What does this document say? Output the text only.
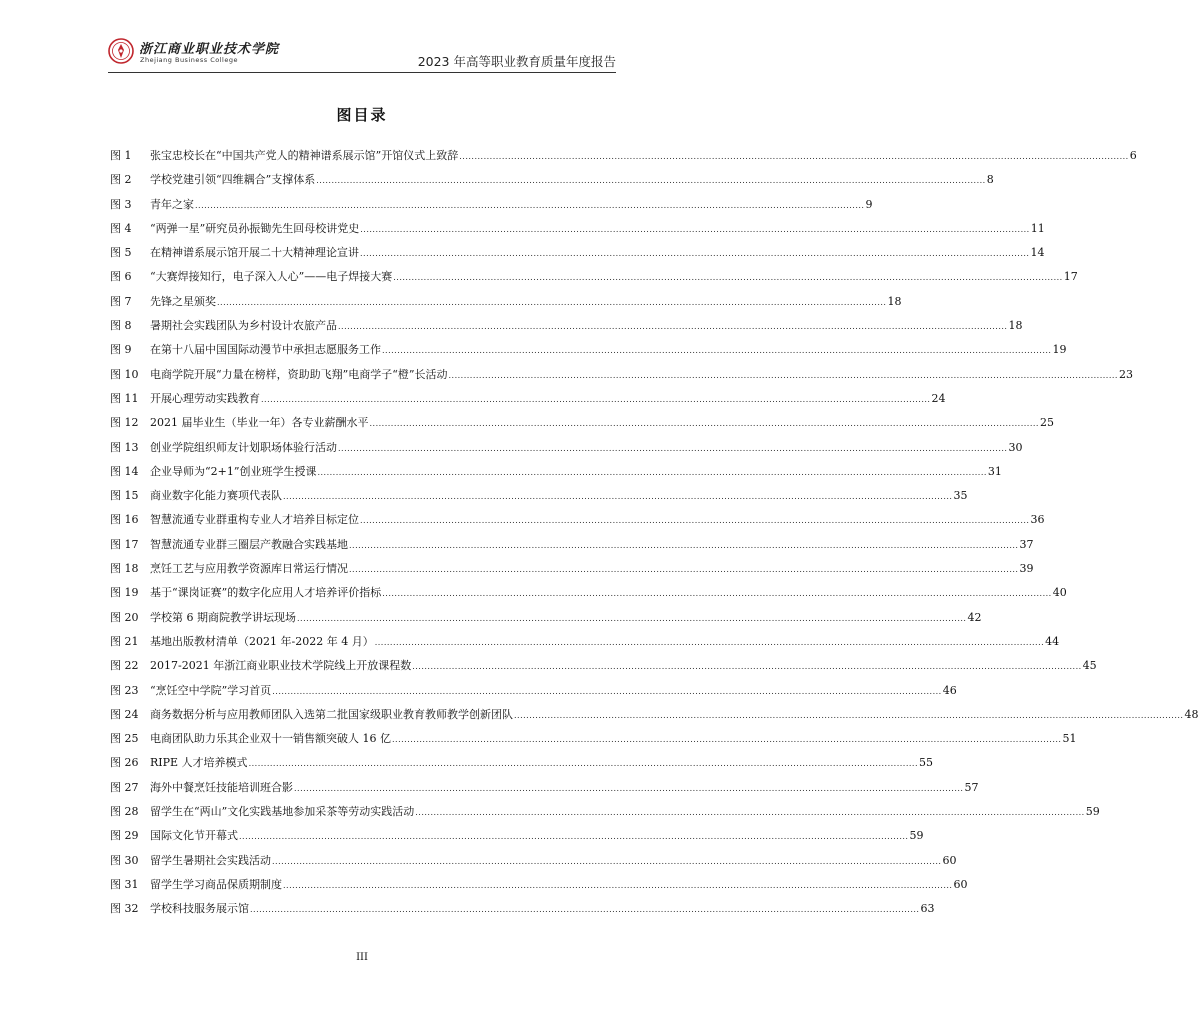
浙江商业职业技术学院
Zhejiang Business College	2023 年高等职业教育质量年度报告
图目录
图 1	张宝忠校长在“中国共产党人的精神谱系展示馆”开馆仪式上致辞 ............................................................................................................................................................................................................................ 6
图 2	学校党建引领“四维耦合”支撑体系 ............................................................................................................................................................................................................................ 8
图 3	青年之家 ............................................................................................................................................................................................................................ 9
图 4	“两弹一星”研究员孙振锄先生回母校讲党史 ............................................................................................................................................................................................................................ 11
图 5	在精神谱系展示馆开展二十大精神理论宣讲 ............................................................................................................................................................................................................................ 14
图 6	“大赛焊接知行，电子深入人心”——电子焊接大赛 ............................................................................................................................................................................................................................ 17
图 7	先锋之星颁奖 ............................................................................................................................................................................................................................ 18
图 8	暑期社会实践团队为乡村设计农旅产品 ............................................................................................................................................................................................................................ 18
图 9	在第十八届中国国际动漫节中承担志愿服务工作 ............................................................................................................................................................................................................................ 19
图 10	电商学院开展“力量在榜样，资助助飞翔”电商学子“橙”长活动 ............................................................................................................................................................................................................................ 23
图 11	开展心理劳动实践教育 ............................................................................................................................................................................................................................ 24
图 12	2021 届毕业生（毕业一年）各专业薪酬水平 ............................................................................................................................................................................................................................ 25
图 13	创业学院组织师友计划职场体验行活动 ............................................................................................................................................................................................................................ 30
图 14	企业导师为“2+1”创业班学生授课 ............................................................................................................................................................................................................................ 31
图 15	商业数字化能力赛项代表队 ............................................................................................................................................................................................................................ 35
图 16	智慧流通专业群重构专业人才培养目标定位 ............................................................................................................................................................................................................................ 36
图 17	智慧流通专业群三圈层产教融合实践基地 ............................................................................................................................................................................................................................ 37
图 18	烹饪工艺与应用教学资源库日常运行情况 ............................................................................................................................................................................................................................ 39
图 19	基于“课岗证赛”的数字化应用人才培养评价指标 ............................................................................................................................................................................................................................ 40
图 20	学校第 6 期商院教学讲坛现场 ............................................................................................................................................................................................................................ 42
图 21	基地出版教材清单（2021 年-2022 年 4 月） ............................................................................................................................................................................................................................ 44
图 22	2017-2021 年浙江商业职业技术学院线上开放课程数 ............................................................................................................................................................................................................................ 45
图 23	“烹饪空中学院”学习首页 ............................................................................................................................................................................................................................ 46
图 24	商务数据分析与应用教师团队入选第二批国家级职业教育教师教学创新团队 ............................................................................................................................................................................................................................ 48
图 25	电商团队助力乐其企业双十一销售额突破人 16 亿 ............................................................................................................................................................................................................................ 51
图 26	RIPE 人才培养模式 ............................................................................................................................................................................................................................ 55
图 27	海外中餐烹饪技能培训班合影 ............................................................................................................................................................................................................................ 57
图 28	留学生在“两山”文化实践基地参加采茶等劳动实践活动 ............................................................................................................................................................................................................................ 59
图 29	国际文化节开幕式 ............................................................................................................................................................................................................................ 59
图 30	留学生暑期社会实践活动 ............................................................................................................................................................................................................................ 60
图 31	留学生学习商品保质期制度 ............................................................................................................................................................................................................................ 60
图 32	学校科技服务展示馆 ............................................................................................................................................................................................................................ 63
III
